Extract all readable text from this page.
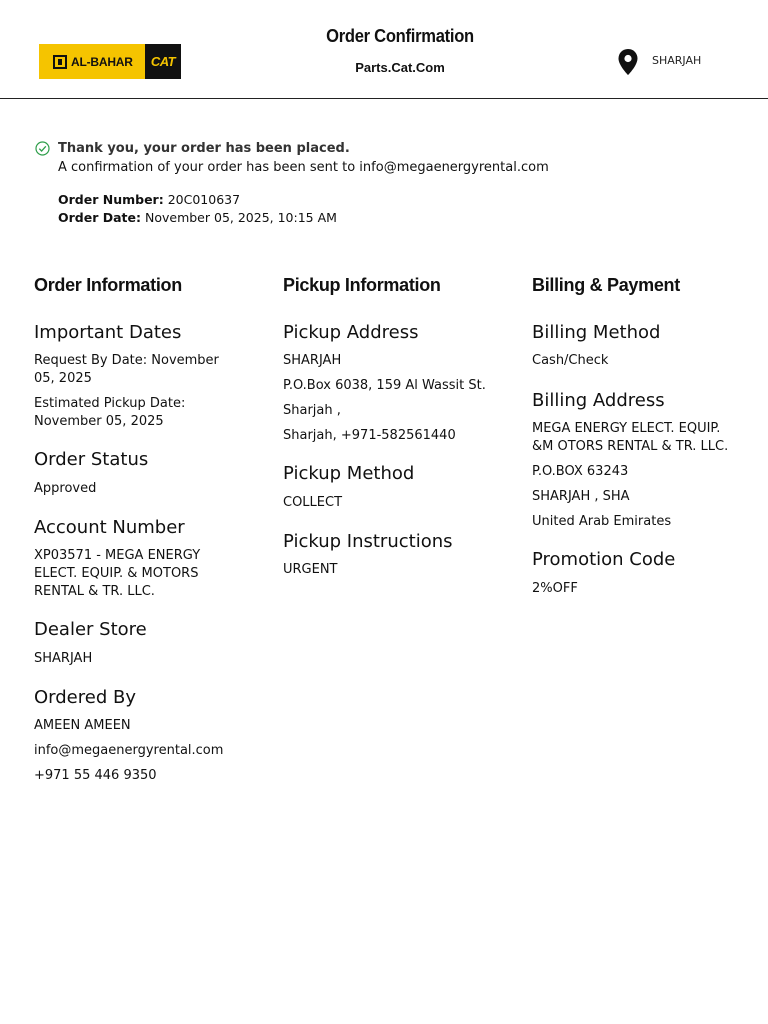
AL-BAHAR CAT
Order Confirmation
Parts.Cat.Com	SHARJAH
Thank you, your order has been placed.
A confirmation of your order has been sent to info@megaenergyrental.com
Order Number: 20C010637
Order Date: November 05, 2025, 10:15 AM
Order Information
Important Dates

Request By Date: November 05, 2025

Estimated Pickup Date: November 05, 2025

Order Status

Approved

Account Number

XP03571 - MEGA ENERGY ELECT. EQUIP. & MOTORS RENTAL & TR. LLC.

Dealer Store

SHARJAH

Ordered By

AMEEN AMEEN

info@megaenergyrental.com

+971 55 446 9350

Pickup Information
Pickup Address

SHARJAH

P.O.Box 6038, 159 Al Wassit St.

Sharjah ,

Sharjah, +971-582561440

Pickup Method

COLLECT

Pickup Instructions

URGENT

Billing & Payment
Billing Method

Cash/Check

Billing Address

MEGA ENERGY ELECT. EQUIP. &M OTORS RENTAL & TR. LLC.

P.O.BOX 63243

SHARJAH , SHA

United Arab Emirates

Promotion Code

2%OFF
